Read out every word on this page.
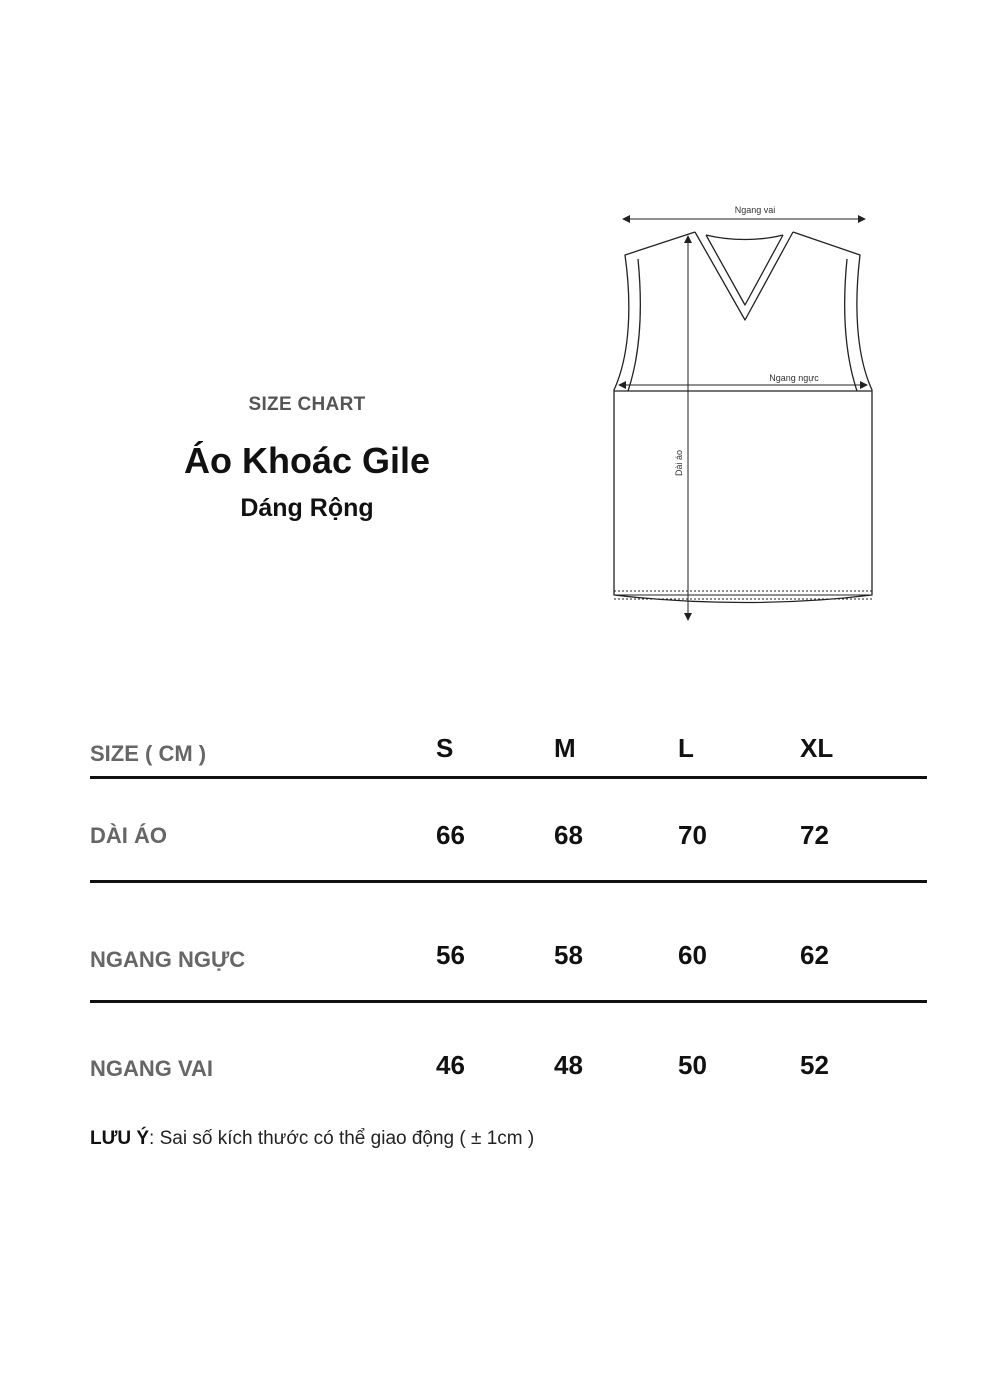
SIZE CHART
Áo Khoác Gile
Dáng Rộng
Ngang vai
Ngang ngực
Dài áo
SIZE ( CM )	S	M	L	XL
DÀI ÁO	66	68	70	72
NGANG NGỰC	56	58	60	62
NGANG VAI	46	48	50	52
LƯU Ý: Sai số kích thước có thể giao động ( ± 1cm )
